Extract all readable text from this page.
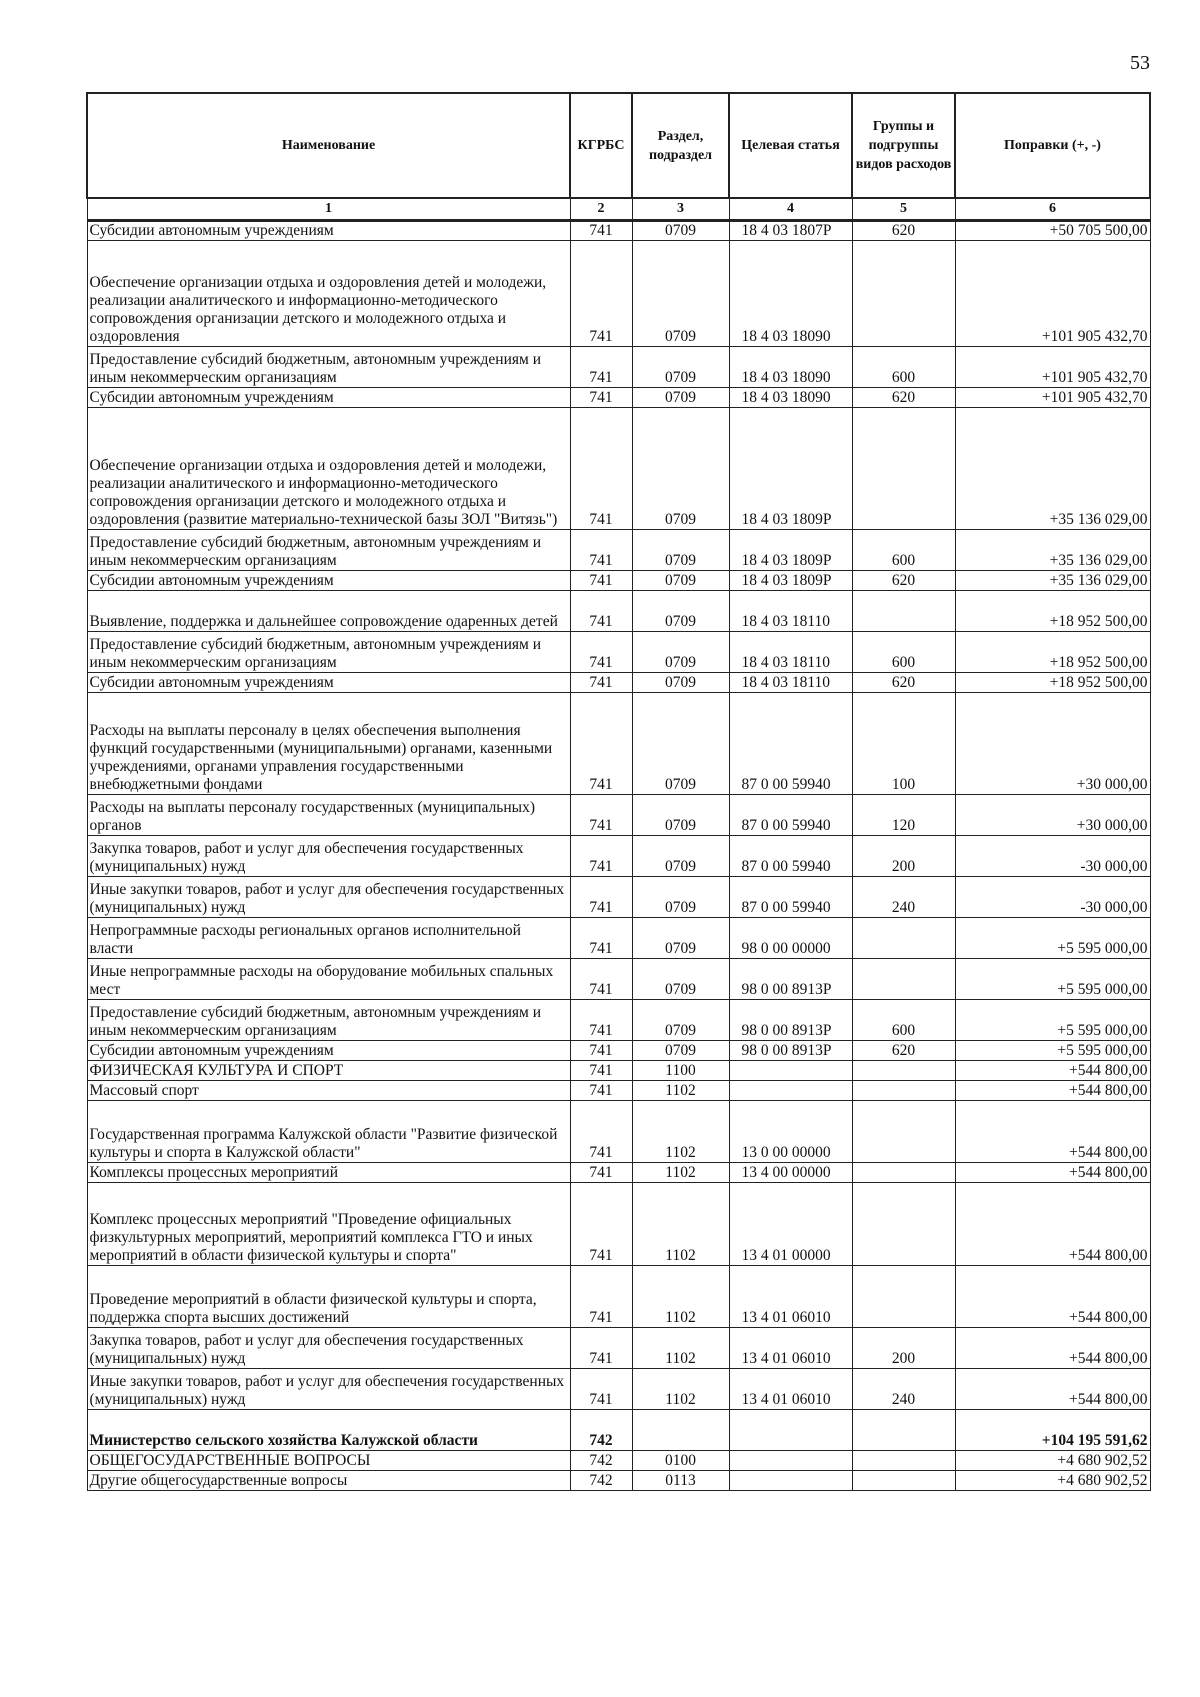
53
Наименование	КГРБС	Раздел, подраздел	Целевая статья	Группы и подгруппы видов расходов	Поправки (+, -)
1	2	3	4	5	6
Субсидии автономным учреждениям	741	0709	18 4 03 1807Р	620	+50 705 500,00
Обеспечение организации отдыха и оздоровления детей и молодежи, реализации аналитического и информационно-методического сопровождения организации детского и молодежного отдыха и оздоровления	741	0709	18 4 03 18090		+101 905 432,70
Предоставление субсидий бюджетным, автономным учреждениям и иным некоммерческим организациям	741	0709	18 4 03 18090	600	+101 905 432,70
Субсидии автономным учреждениям	741	0709	18 4 03 18090	620	+101 905 432,70
Обеспечение организации отдыха и оздоровления детей и молодежи, реализации аналитического и информационно-методического сопровождения организации детского и молодежного отдыха и оздоровления (развитие материально-технической базы ЗОЛ "Витязь")	741	0709	18 4 03 1809Р		+35 136 029,00
Предоставление субсидий бюджетным, автономным учреждениям и иным некоммерческим организациям	741	0709	18 4 03 1809Р	600	+35 136 029,00
Субсидии автономным учреждениям	741	0709	18 4 03 1809Р	620	+35 136 029,00
Выявление, поддержка и дальнейшее сопровождение одаренных детей	741	0709	18 4 03 18110		+18 952 500,00
Предоставление субсидий бюджетным, автономным учреждениям и иным некоммерческим организациям	741	0709	18 4 03 18110	600	+18 952 500,00
Субсидии автономным учреждениям	741	0709	18 4 03 18110	620	+18 952 500,00
Расходы на выплаты персоналу в целях обеспечения выполнения функций государственными (муниципальными) органами, казенными учреждениями, органами управления государственными внебюджетными фондами	741	0709	87 0 00 59940	100	+30 000,00
Расходы на выплаты персоналу государственных (муниципальных) органов	741	0709	87 0 00 59940	120	+30 000,00
Закупка товаров, работ и услуг для обеспечения государственных (муниципальных) нужд	741	0709	87 0 00 59940	200	-30 000,00
Иные закупки товаров, работ и услуг для обеспечения государственных (муниципальных) нужд	741	0709	87 0 00 59940	240	-30 000,00
Непрограммные расходы региональных органов исполнительной власти	741	0709	98 0 00 00000		+5 595 000,00
Иные непрограммные расходы на оборудование мобильных спальных мест	741	0709	98 0 00 8913Р		+5 595 000,00
Предоставление субсидий бюджетным, автономным учреждениям и иным некоммерческим организациям	741	0709	98 0 00 8913Р	600	+5 595 000,00
Субсидии автономным учреждениям	741	0709	98 0 00 8913Р	620	+5 595 000,00
ФИЗИЧЕСКАЯ КУЛЬТУРА И СПОРТ	741	1100			+544 800,00
Массовый спорт	741	1102			+544 800,00
Государственная программа Калужской области "Развитие физической культуры и спорта в Калужской области"	741	1102	13 0 00 00000		+544 800,00
Комплексы процессных мероприятий	741	1102	13 4 00 00000		+544 800,00
Комплекс процессных мероприятий "Проведение официальных физкультурных мероприятий, мероприятий комплекса ГТО и иных мероприятий в области физической культуры и спорта"	741	1102	13 4 01 00000		+544 800,00
Проведение мероприятий в области физической культуры и спорта, поддержка спорта высших достижений	741	1102	13 4 01 06010		+544 800,00
Закупка товаров, работ и услуг для обеспечения государственных (муниципальных) нужд	741	1102	13 4 01 06010	200	+544 800,00
Иные закупки товаров, работ и услуг для обеспечения государственных (муниципальных) нужд	741	1102	13 4 01 06010	240	+544 800,00
Министерство сельского хозяйства Калужской области	742				+104 195 591,62
ОБЩЕГОСУДАРСТВЕННЫЕ ВОПРОСЫ	742	0100			+4 680 902,52
Другие общегосударственные вопросы	742	0113			+4 680 902,52
